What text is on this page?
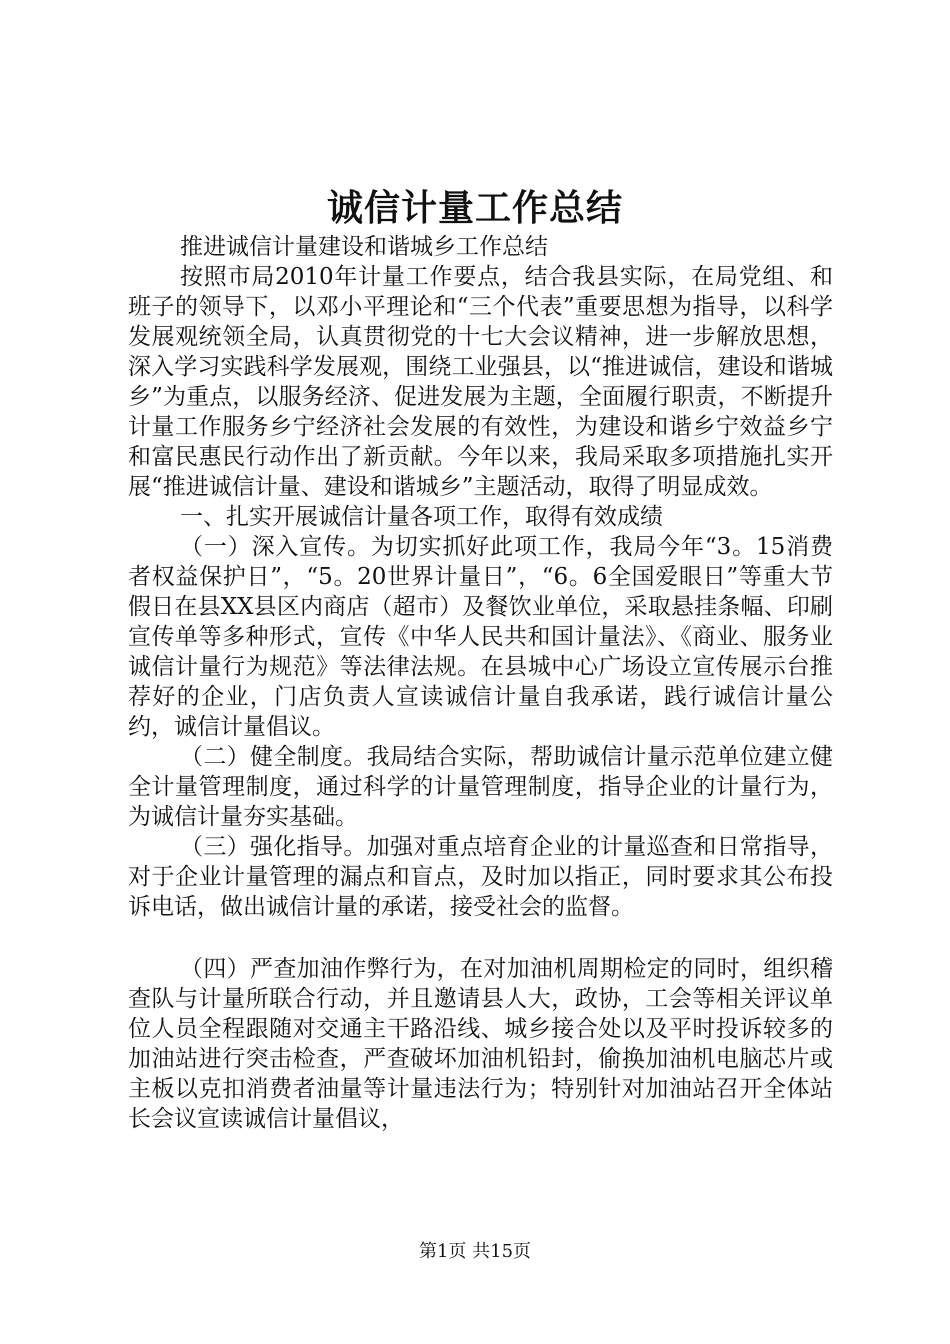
诚信计量工作总结

推进诚信计量建设和谐城乡工作总结

按照市局2010年计量工作要点，结合我县实际，在局党组、和班子的领导下，以邓小平理论和“三个代表”重要思想为指导，以科学发展观统领全局，认真贯彻党的十七大会议精神，进一步解放思想，深入学习实践科学发展观，围绕工业强县，以“推进诚信，建设和谐城乡”为重点，以服务经济、促进发展为主题，全面履行职责，不断提升计量工作服务乡宁经济社会发展的有效性，为建设和谐乡宁效益乡宁和富民惠民行动作出了新贡献。今年以来，我局采取多项措施扎实开展“推进诚信计量、建设和谐城乡”主题活动，取得了明显成效。

一、扎实开展诚信计量各项工作，取得有效成绩

（一）深入宣传。为切实抓好此项工作，我局今年“3。15消费者权益保护日”，“5。20世界计量日”，“6。6全国爱眼日”等重大节假日在县XX县区内商店（超市）及餐饮业单位，采取悬挂条幅、印刷宣传单等多种形式，宣传《中华人民共和国计量法》、《商业、服务业诚信计量行为规范》等法律法规。在县城中心广场设立宣传展示台推荐好的企业，门店负责人宣读诚信计量自我承诺，践行诚信计量公约，诚信计量倡议。

（二）健全制度。我局结合实际，帮助诚信计量示范单位建立健全计量管理制度，通过科学的计量管理制度，指导企业的计量行为，为诚信计量夯实基础。

（三）强化指导。加强对重点培育企业的计量巡查和日常指导，对于企业计量管理的漏点和盲点，及时加以指正，同时要求其公布投诉电话，做出诚信计量的承诺，接受社会的监督。

（四）严查加油作弊行为，在对加油机周期检定的同时，组织稽查队与计量所联合行动，并且邀请县人大，政协，工会等相关评议单位人员全程跟随对交通主干路沿线、城乡接合处以及平时投诉较多的加油站进行突击检查，严查破坏加油机铅封，偷换加油机电脑芯片或主板以克扣消费者油量等计量违法行为；特别针对加油站召开全体站长会议宣读诚信计量倡议，

第1页 共15页
